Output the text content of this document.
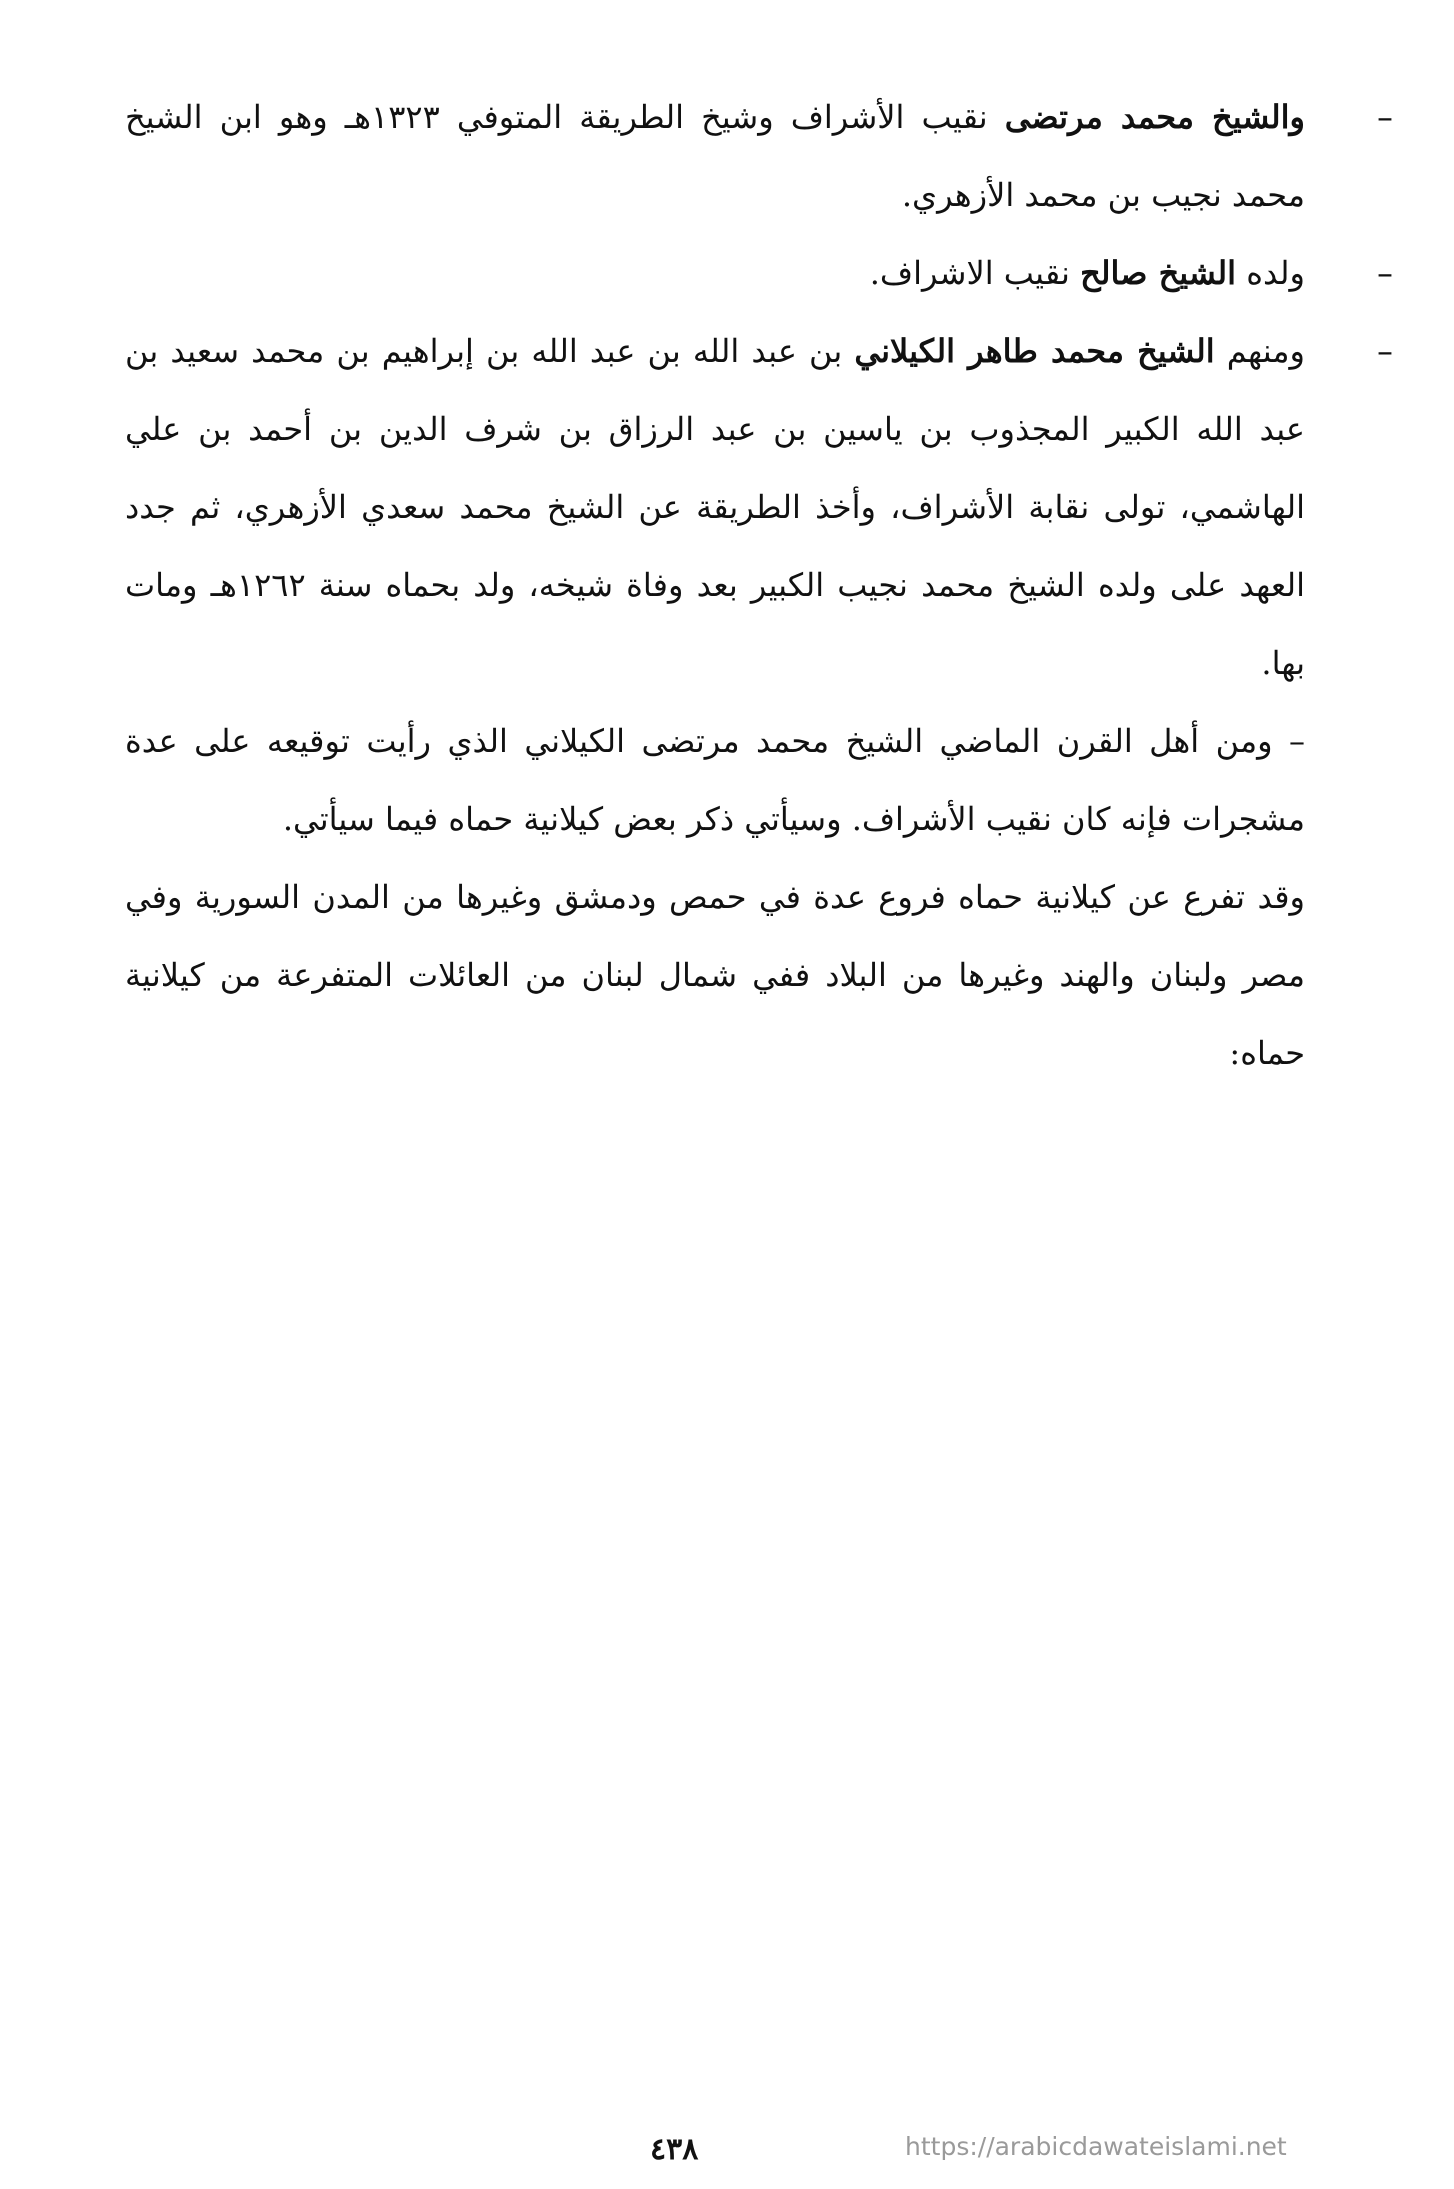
–
والشيخ محمد مرتضى نقيب الأشراف وشيخ الطريقة المتوفي ١٣٢٣هـ وهو ابن الشيخ محمد نجيب بن محمد الأزهري.
–
ولده الشيخ صالح نقيب الاشراف.
–
ومنهم الشيخ محمد طاهر الكيلاني بن عبد الله بن عبد الله بن إبراهيم بن محمد سعيد بن عبد الله الكبير المجذوب بن ياسين بن عبد الرزاق بن شرف الدين بن أحمد بن علي الهاشمي، تولى نقابة الأشراف، وأخذ الطريقة عن الشيخ محمد سعدي الأزهري، ثم جدد العهد على ولده الشيخ محمد نجيب الكبير بعد وفاة شيخه، ولد بحماه سنة ١٢٦٢هـ ومات بها.

– ومن أهل القرن الماضي الشيخ محمد مرتضى الكيلاني الذي رأيت توقيعه على عدة مشجرات فإنه كان نقيب الأشراف. وسيأتي ذكر بعض كيلانية حماه فيما سيأتي.

وقد تفرع عن كيلانية حماه فروع عدة في حمص ودمشق وغيرها من المدن السورية وفي مصر ولبنان والهند وغيرها من البلاد ففي شمال لبنان من العائلات المتفرعة من كيلانية حماه:

٤٣٨	https://arabicdawateislami.net
